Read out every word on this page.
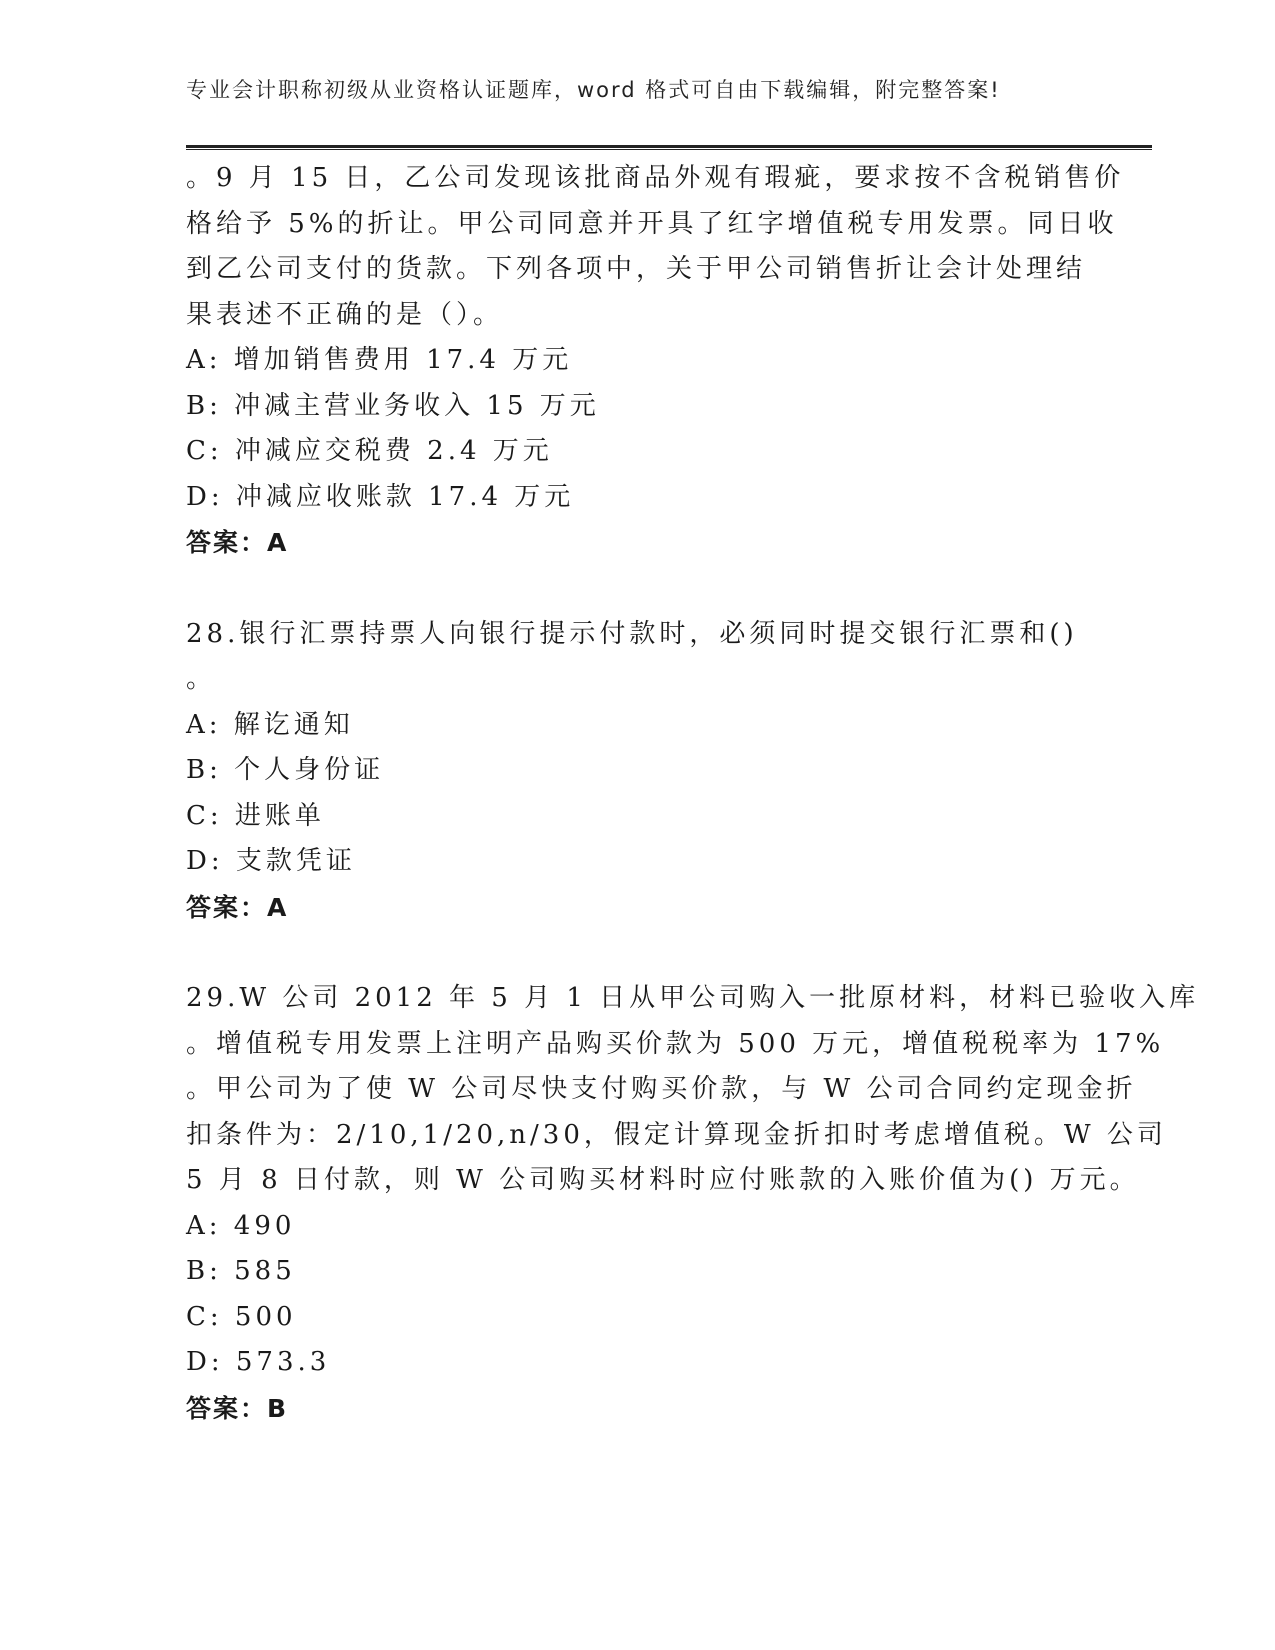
专业会计职称初级从业资格认证题库，word 格式可自由下载编辑，附完整答案!
。9 月 15 日，乙公司发现该批商品外观有瑕疵，要求按不含税销售价
格给予 5%的折让。甲公司同意并开具了红字增值税专用发票。同日收
到乙公司支付的货款。下列各项中，关于甲公司销售折让会计处理结
果表述不正确的是（）。
A: 增加销售费用 17.4 万元
B: 冲减主营业务收入 15 万元
C: 冲减应交税费 2.4 万元
D: 冲减应收账款 17.4 万元
答案：A
28.银行汇票持票人向银行提示付款时，必须同时提交银行汇票和()
。
A: 解讫通知
B: 个人身份证
C: 进账单
D: 支款凭证
答案：A
29.W 公司 2012 年 5 月 1 日从甲公司购入一批原材料，材料已验收入库
。增值税专用发票上注明产品购买价款为 500 万元，增值税税率为 17%
。甲公司为了使 W 公司尽快支付购买价款，与 W 公司合同约定现金折
扣条件为：2/10,1/20,n/30，假定计算现金折扣时考虑增值税。W 公司
5 月 8 日付款，则 W 公司购买材料时应付账款的入账价值为() 万元。
A: 490
B: 585
C: 500
D: 573.3
答案：B
